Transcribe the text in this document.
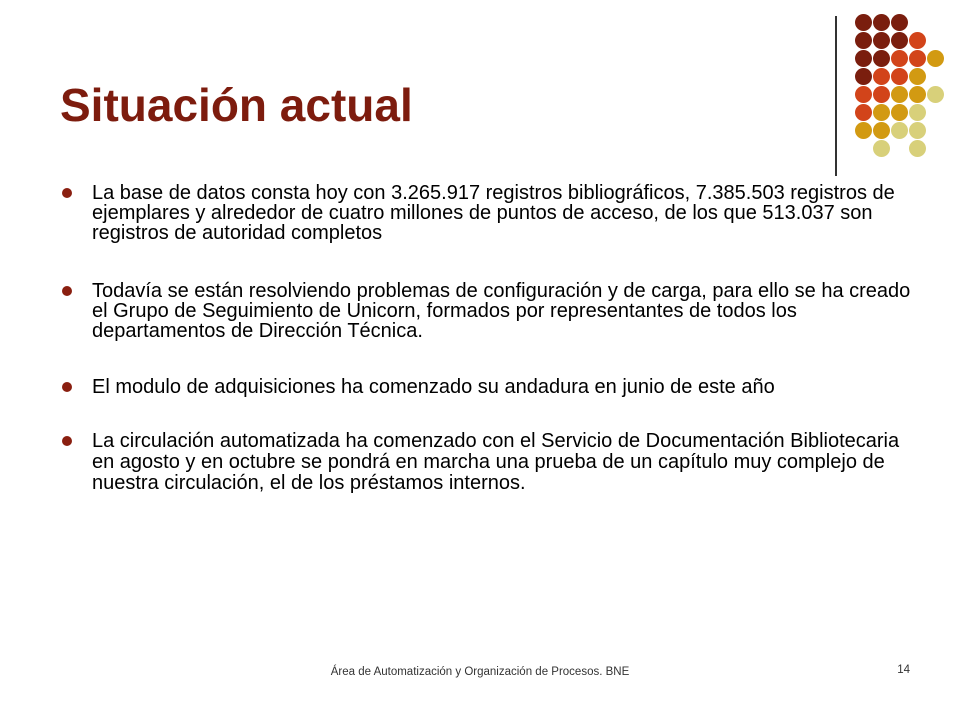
Situación actual
La base de datos consta hoy con 3.265.917 registros bibliográficos, 7.385.503 registros de ejemplares y alrededor de cuatro millones de puntos de acceso, de los que 513.037 son registros de autoridad completos
Todavía se están resolviendo problemas de configuración y de carga, para ello se ha creado el Grupo de Seguimiento de Unicorn, formados por representantes de todos los departamentos de Dirección Técnica.
El modulo de adquisiciones ha comenzado su andadura en junio de este año
La circulación automatizada ha comenzado con el Servicio de Documentación Bibliotecaria en agosto y en octubre se pondrá en marcha una prueba de un capítulo muy complejo de nuestra circulación, el de los préstamos internos.
Área de Automatización y Organización de Procesos. BNE	14
